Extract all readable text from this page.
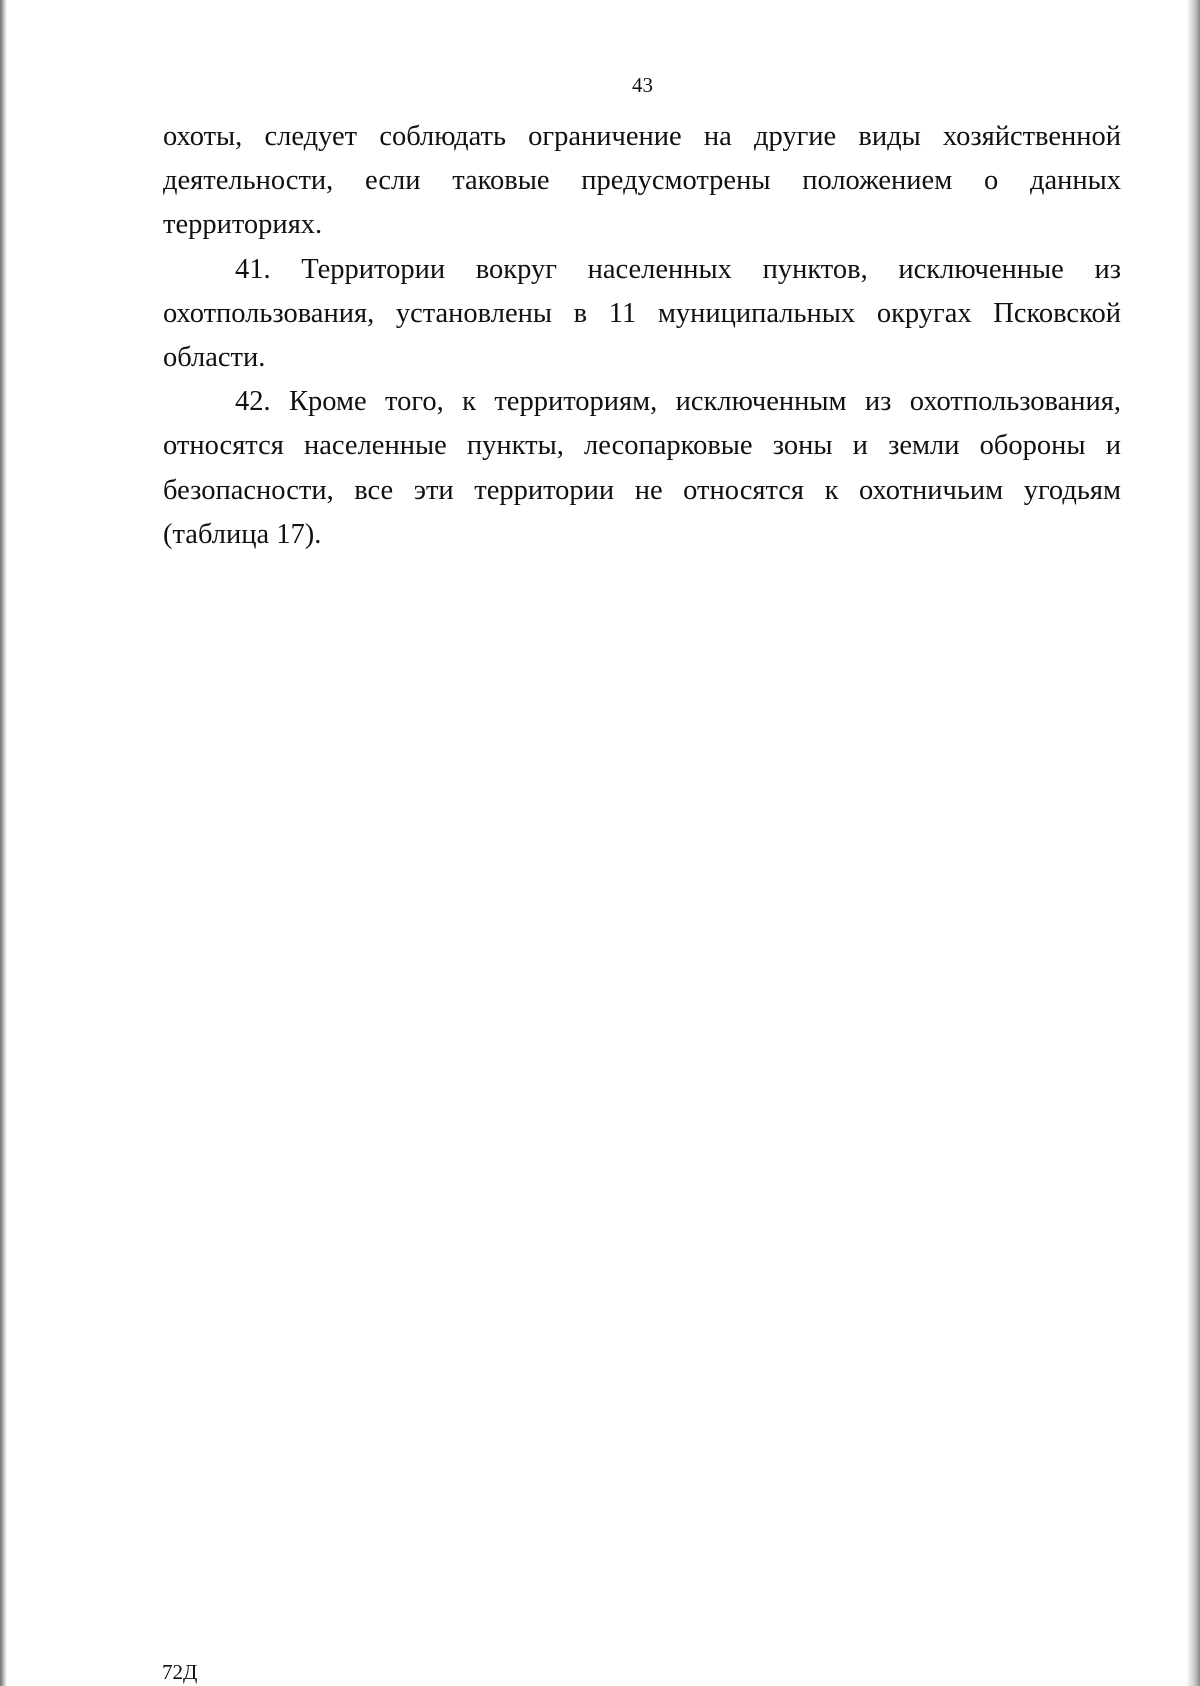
43

охоты, следует соблюдать ограничение на другие виды хозяйственной деятельности, если таковые предусмотрены положением о данных территориях.

41. Территории вокруг населенных пунктов, исключенные из охотпользования, установлены в 11 муниципальных округах Псковской области.

42. Кроме того, к территориям, исключенным из охотпользования, относятся населенные пункты, лесопарковые зоны и земли обороны и безопасности, все эти территории не относятся к охотничьим угодьям (таблица 17).

72Д
